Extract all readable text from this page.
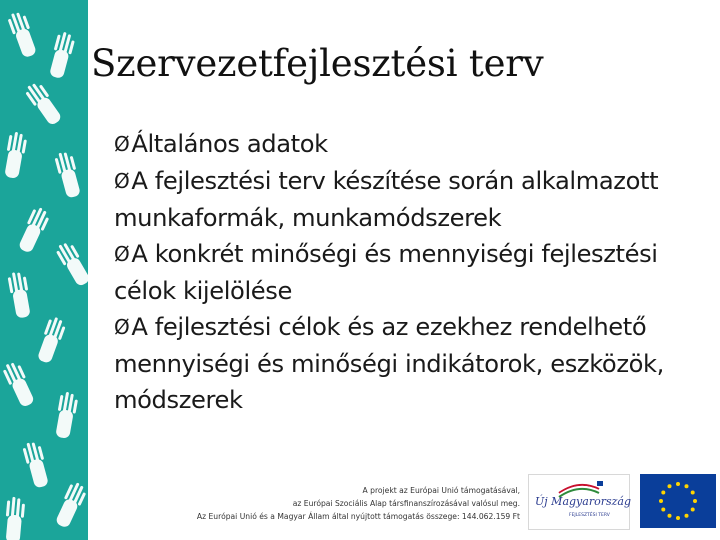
Szervezetfejlesztési terv
ØÁltalános adatok
ØA fejlesztési terv készítése során alkalmazott munkaformák, munkamódszerek
ØA konkrét minőségi és mennyiségi fejlesztési célok kijelölése
ØA fejlesztési célok és az ezekhez rendelhető mennyiségi és minőségi indikátorok, eszközök, módszerek
A projekt az Európai Unió támogatásával,
az Európai Szociális Alap társfinanszírozásával valósul meg.
Az Európai Unió és a Magyar Állam által nyújtott támogatás összege: 144.062.159 Ft
Új Magyarország
FEJLESZTÉSI TERV
